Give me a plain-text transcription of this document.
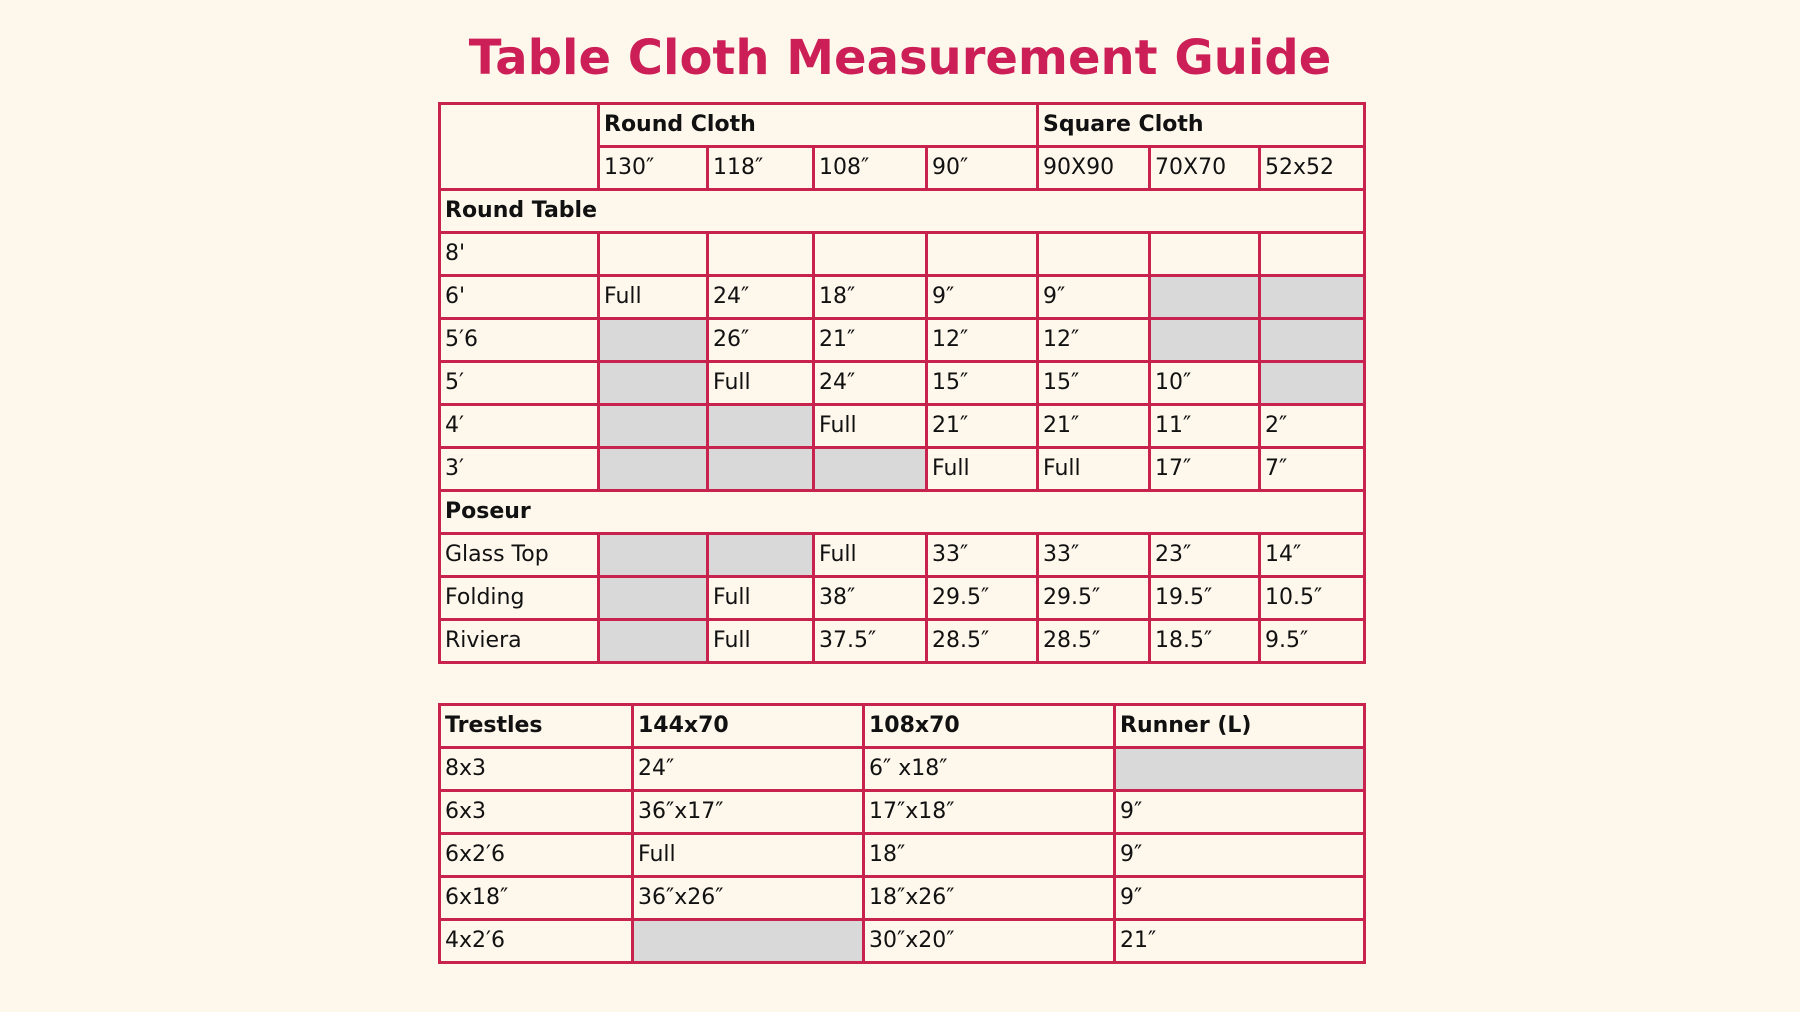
Table Cloth Measurement Guide
	Round Cloth				Square Cloth		
	130″	118″	108″	90″	90X90	70X70	52x52
Round Table							
8'							
6'	Full	24″	18″	9″	9″		
5′6		26″	21″	12″	12″		
5′		Full	24″	15″	15″	10″	
4′			Full	21″	21″	11″	2″
3′				Full	Full	17″	7″
Poseur							
Glass Top			Full	33″	33″	23″	14″
Folding		Full	38″	29.5″	29.5″	19.5″	10.5″
Riviera		Full	37.5″	28.5″	28.5″	18.5″	9.5″
Trestles	144x70	108x70	Runner (L)
8x3	24″	6″ x18″	
6x3	36″x17″	17″x18″	9″
6x2′6	Full	18″	9″
6x18″	36″x26″	18″x26″	9″
4x2′6		30″x20″	21″
